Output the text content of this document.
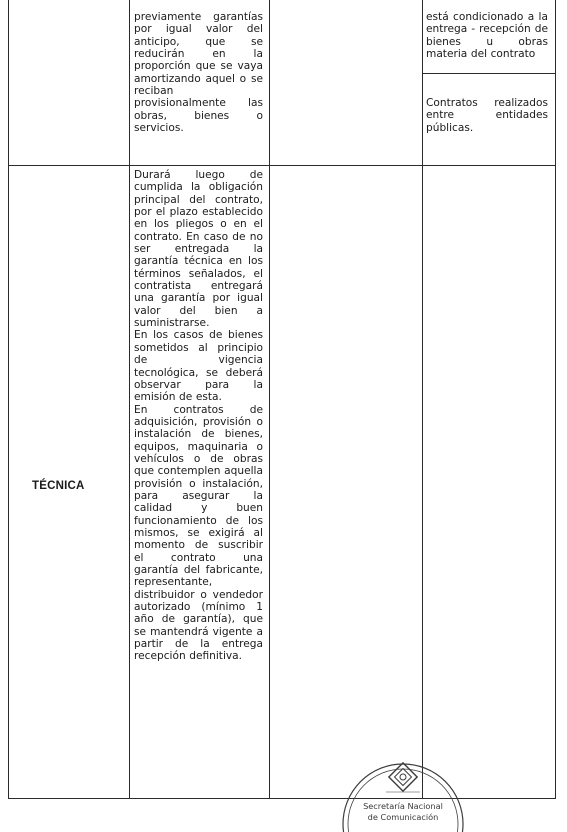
previamente garantías por igual valor del anticipo, que se reducirán en la proporción que se vaya amortizando aquel o se reciban provisionalmente las obras, bienes o servicios.

está condicionado a la entrega - recepción de bienes u obras materia del contrato

Contratos realizados entre entidades públicas.

TÉCNICA

Durará luego de cumplida la obligación principal del contrato, por el plazo establecido en los pliegos o en el contrato. En caso de no ser entregada la garantía técnica en los términos señalados, el contratista entregará una garantía por igual valor del bien a suministrarse.

En los casos de bienes sometidos al principio de vigencia tecnológica, se deberá observar para la emisión de esta.

En contratos de adquisición, provisión o instalación de bienes, equipos, maquinaria o vehículos o de obras que contemplen aquella provisión o instalación, para asegurar la calidad y buen funcionamiento de los mismos, se exigirá al momento de suscribir el contrato una garantía del fabricante, representante, distribuidor o vendedor autorizado (mínimo 1 año de garantía), que se mantendrá vigente a partir de la entrega recepción definitiva.

Secretaría Nacional
de Comunicación
